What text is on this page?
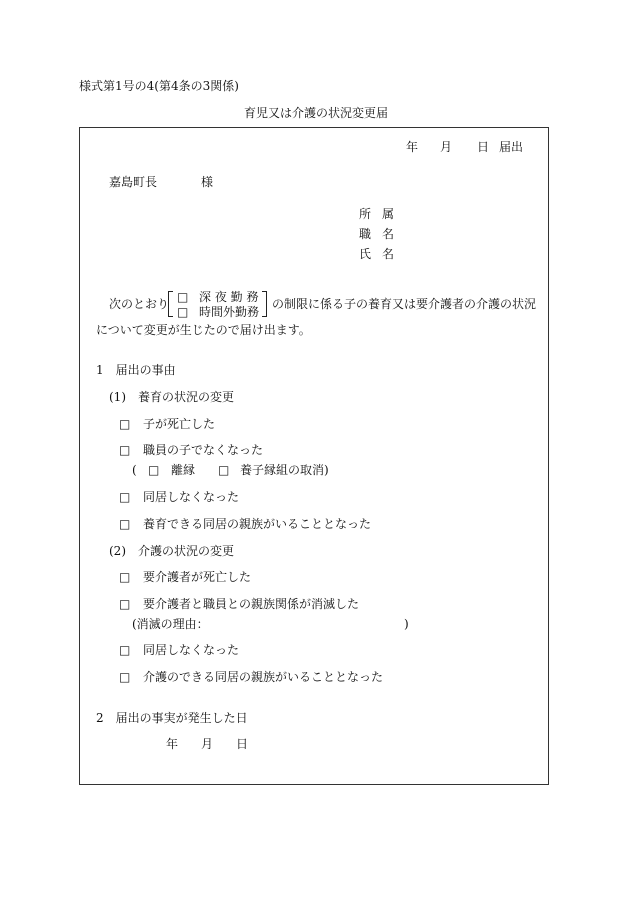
様式第1号の4(第4条の3関係)
育児又は介護の状況変更届
年 月 日 届出
嘉島町長	様
所 属
職 名
氏 名
次のとおり □ 深 夜 勤 務
□ 時間外勤務
の制限に係る子の養育又は要介護者の介護の状況
について変更が生じたので届け出ます。
1　届出の事由
(1)　養育の状況の変更
□ 子が死亡した
□ 職員の子でなくなった
( □ 離縁 □ 養子縁組の取消 )
□ 同居しなくなった
□ 養育できる同居の親族がいることとなった
(2)　介護の状況の変更
□ 要介護者が死亡した
□ 要介護者と職員との親族関係が消滅した
(消滅の理由：	)
□ 同居しなくなった
□ 介護のできる同居の親族がいることとなった
2　届出の事実が発生した日
年 月 日
